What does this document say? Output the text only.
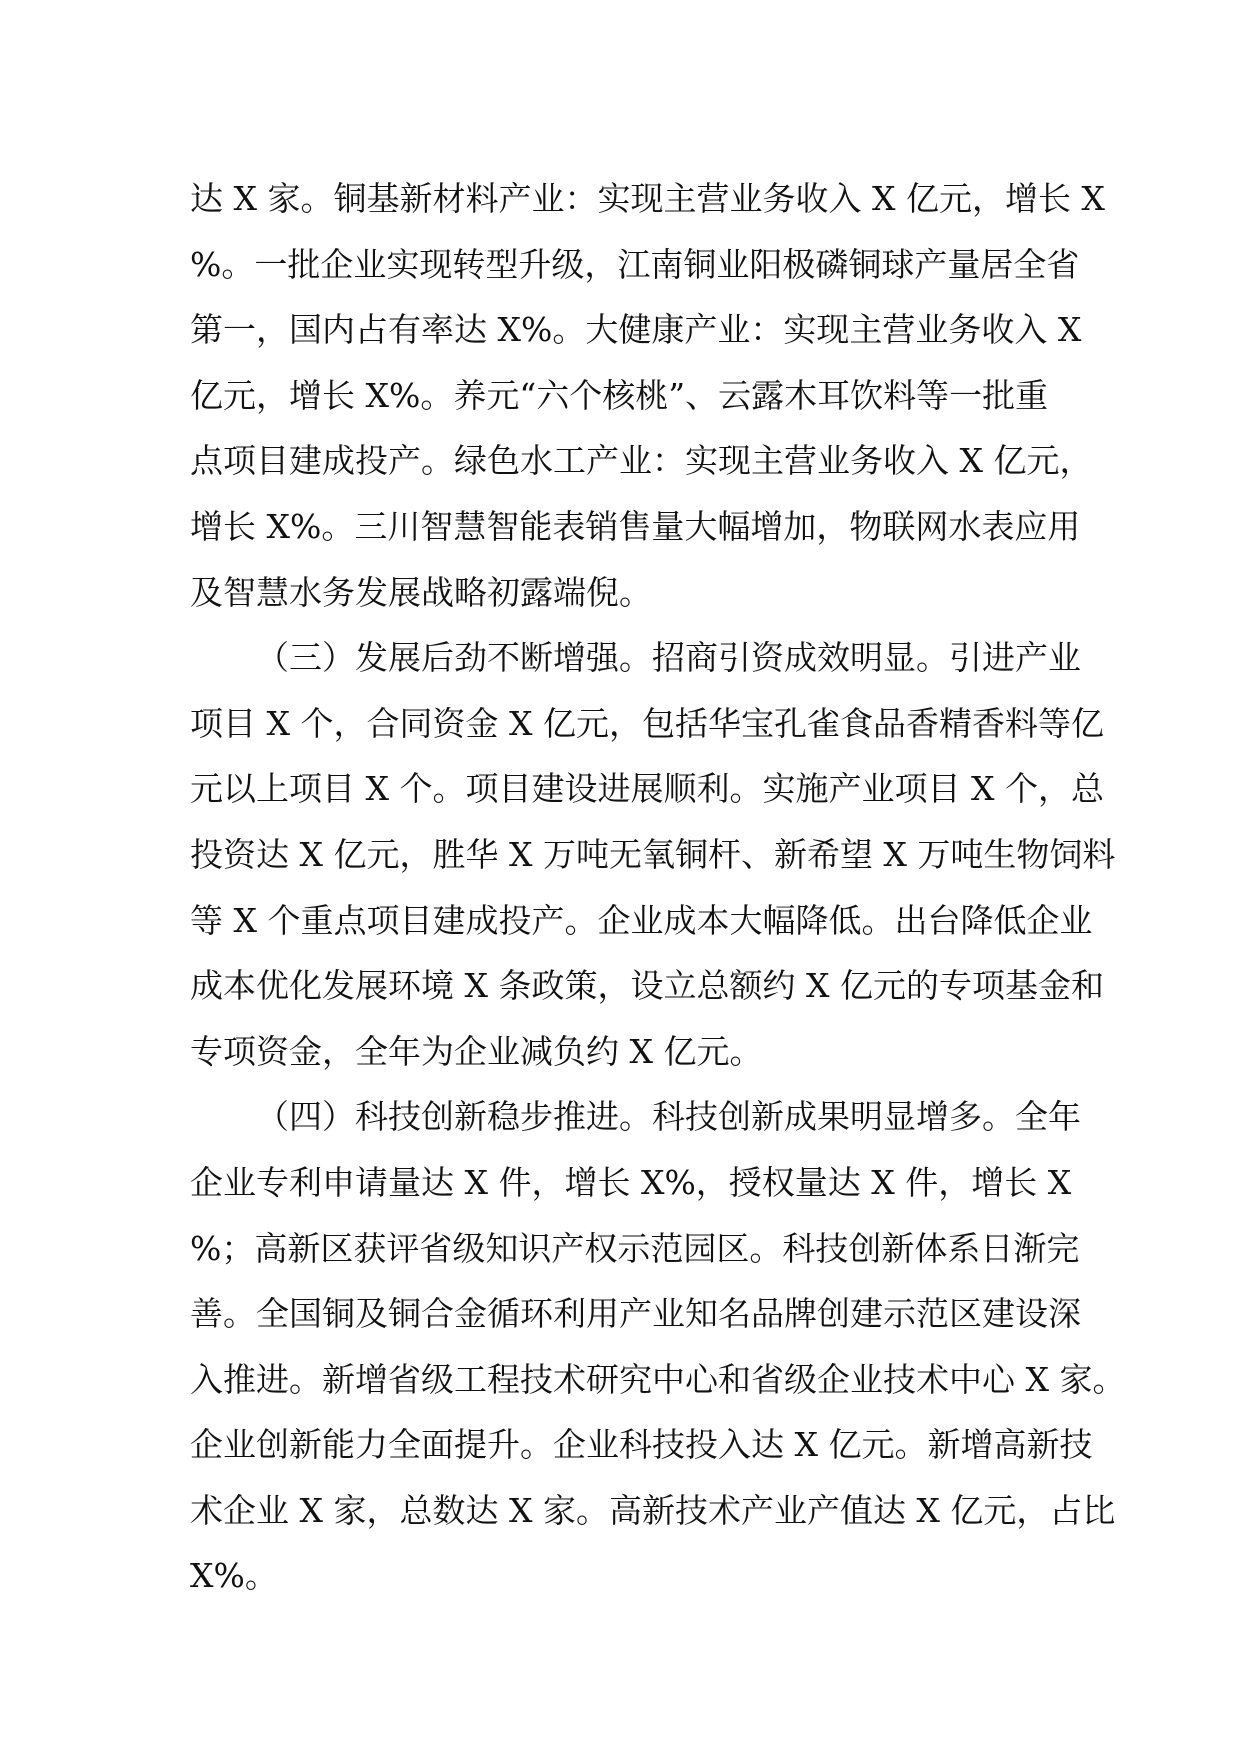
达 X 家。铜基新材料产业：实现主营业务收入 X 亿元，增长 X
%。一批企业实现转型升级，江南铜业阳极磷铜球产量居全省
第一，国内占有率达 X%。大健康产业：实现主营业务收入 X
亿元，增长 X%。养元“六个核桃”、云露木耳饮料等一批重
点项目建成投产。绿色水工产业：实现主营业务收入 X 亿元，
增长 X%。三川智慧智能表销售量大幅增加，物联网水表应用
及智慧水务发展战略初露端倪。
（三）发展后劲不断增强。招商引资成效明显。引进产业
项目 X 个，合同资金 X 亿元，包括华宝孔雀食品香精香料等亿
元以上项目 X 个。项目建设进展顺利。实施产业项目 X 个，总
投资达 X 亿元，胜华 X 万吨无氧铜杆、新希望 X 万吨生物饲料
等 X 个重点项目建成投产。企业成本大幅降低。出台降低企业
成本优化发展环境 X 条政策，设立总额约 X 亿元的专项基金和
专项资金，全年为企业减负约 X 亿元。
（四）科技创新稳步推进。科技创新成果明显增多。全年
企业专利申请量达 X 件，增长 X%，授权量达 X 件，增长 X
%；高新区获评省级知识产权示范园区。科技创新体系日渐完
善。全国铜及铜合金循环利用产业知名品牌创建示范区建设深
入推进。新增省级工程技术研究中心和省级企业技术中心 X 家。
企业创新能力全面提升。企业科技投入达 X 亿元。新增高新技
术企业 X 家，总数达 X 家。高新技术产业产值达 X 亿元，占比
X%。
